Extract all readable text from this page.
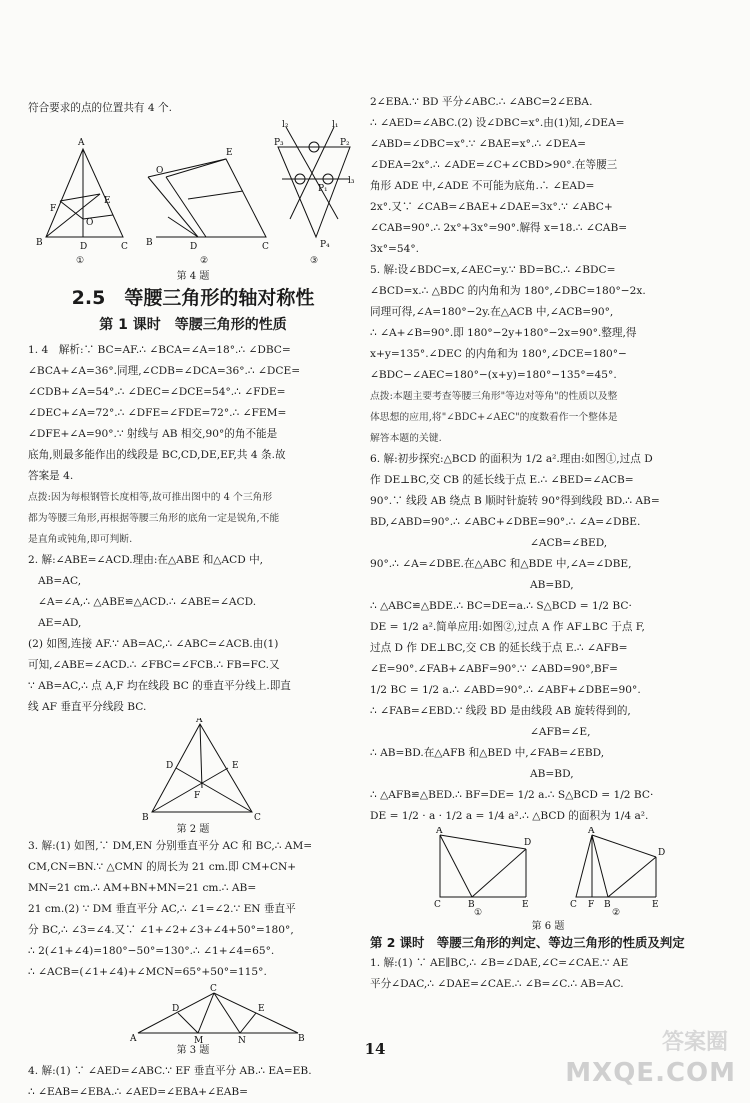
符合要求的点的位置共有 4 个.
A
F
B
O
D	C
E
①
O
E
B	D	C
②
l₂	l₁
l₃
P₃	P₂
P₁
P₄
③
第 4 题
2.5　等腰三角形的轴对称性
第 1 课时　等腰三角形的性质
1. 4　解析:∵ BC=AF.∴ ∠BCA=∠A=18°.∴ ∠DBC=
∠BCA+∠A=36°.同理,∠CDB=∠DCA=36°.∴ ∠DCE=
∠CDB+∠A=54°.∴ ∠DEC=∠DCE=54°.∴ ∠FDE=
∠DEC+∠A=72°.∴ ∠DFE=∠FDE=72°.∴ ∠FEM=
∠DFE+∠A=90°.∵ 射线与 AB 相交,90°的角不能是
底角,则最多能作出的线段是 BC,CD,DE,EF,共 4 条.故
答案是 4.
点拨:因为每根钢管长度相等,故可推出图中的 4 个三角形
都为等腰三角形,再根据等腰三角形的底角一定是锐角,不能
是直角或钝角,即可判断.
2. 解:∠ABE=∠ACD.理由:在△ABE 和△ACD 中,
AB=AC,
∠A=∠A,∴ △ABE≌△ACD.∴ ∠ABE=∠ACD.
AE=AD,
(2) 如图,连接 AF.∵ AB=AC,∴ ∠ABC=∠ACB.由(1)
可知,∠ABE=∠ACD.∴ ∠FBC=∠FCB.∴ FB=FC.又
∵ AB=AC,∴ 点 A,F 均在线段 BC 的垂直平分线上.即直
线 AF 垂直平分线段 BC.
A
D	E
F
B	C
第 2 题
3. 解:(1) 如图,∵ DM,EN 分别垂直平分 AC 和 BC,∴ AM=
CM,CN=BN.∵ △CMN 的周长为 21 cm.即 CM+CN+
MN=21 cm.∴ AM+BN+MN=21 cm.∴ AB=
21 cm.(2) ∵ DM 垂直平分 AC,∴ ∠1=∠2.∵ EN 垂直平
分 BC,∴ ∠3=∠4.又∵ ∠1+∠2+∠3+∠4+50°=180°,
∴ 2(∠1+∠4)=180°−50°=130°.∴ ∠1+∠4=65°.
∴ ∠ACB=(∠1+∠4)+∠MCN=65°+50°=115°.
C
D	E
A	M	N	B
第 3 题
4. 解:(1) ∵ ∠AED=∠ABC.∵ EF 垂直平分 AB.∴ EA=EB.
∴ ∠EAB=∠EBA.∴ ∠AED=∠EBA+∠EAB=
2∠EBA.∵ BD 平分∠ABC.∴ ∠ABC=2∠EBA.
∴ ∠AED=∠ABC.(2) 设∠DBC=x°.由(1)知,∠DEA=
∠ABD=∠DBC=x°.∵ ∠BAE=x°.∴ ∠DEA=
∠DEA=2x°.∴ ∠ADE=∠C+∠CBD>90°.在等腰三
角形 ADE 中,∠ADE 不可能为底角.∴ ∠EAD=
2x°.又∵ ∠CAB=∠BAE+∠DAE=3x°.∵ ∠ABC+
∠CAB=90°.∴ 2x°+3x°=90°.解得 x=18.∴ ∠CAB=
3x°=54°.
5. 解:设∠BDC=x,∠AEC=y.∵ BD=BC.∴ ∠BDC=
∠BCD=x.∴ △BDC 的内角和为 180°,∠DBC=180°−2x.
同理可得,∠A=180°−2y.在△ACB 中,∠ACB=90°,
∴ ∠A+∠B=90°.即 180°−2y+180°−2x=90°.整理,得
x+y=135°.∠DEC 的内角和为 180°,∠DCE=180°−
∠BDC−∠AEC=180°−(x+y)=180°−135°=45°.
点拨:本题主要考查等腰三角形"等边对等角"的性质以及整
体思想的应用,将"∠BDC+∠AEC"的度数看作一个整体是
解答本题的关键.
6. 解:初步探究:△BCD 的面积为 1/2 a².理由:如图①,过点 D
作 DE⊥BC,交 CB 的延长线于点 E.∴ ∠BED=∠ACB=
90°.∵ 线段 AB 绕点 B 顺时针旋转 90°得到线段 BD.∴ AB=
BD,∠ABD=90°.∴ ∠ABC+∠DBE=90°.∴ ∠A=∠DBE.
∠ACB=∠BED,
90°.∴ ∠A=∠DBE.在△ABC 和△BDE 中,∠A=∠DBE,
AB=BD,
∴ △ABC≌△BDE.∴ BC=DE=a.∴ S△BCD = 1/2 BC·
DE = 1/2 a².简单应用:如图②,过点 A 作 AF⊥BC 于点 F,
过点 D 作 DE⊥BC,交 CB 的延长线于点 E.∴ ∠AFB=
∠E=90°.∠FAB+∠ABF=90°.∵ ∠ABD=90°,BF=
1/2 BC = 1/2 a.∴ ∠ABD=90°.∴ ∠ABF+∠DBE=90°.
∴ ∠FAB=∠EBD.∵ 线段 BD 是由线段 AB 旋转得到的,
∠AFB=∠E,
∴ AB=BD.在△AFB 和△BED 中,∠FAB=∠EBD,
AB=BD,
∴ △AFB≌△BED.∴ BF=DE= 1/2 a.∴ S△BCD = 1/2 BC·
DE = 1/2 · a · 1/2 a = 1/4 a².∴ △BCD 的面积为 1/4 a².
A
D
C	B	E
A
D
C F B	E
①	②
第 6 题
第 2 课时　等腰三角形的判定、等边三角形的性质及判定
1. 解:(1) ∵ AE∥BC,∴ ∠B=∠DAE,∠C=∠CAE.∵ AE
平分∠DAC,∴ ∠DAE=∠CAE.∴ ∠B=∠C.∴ AB=AC.
14	答案圈
MXQE.COM
